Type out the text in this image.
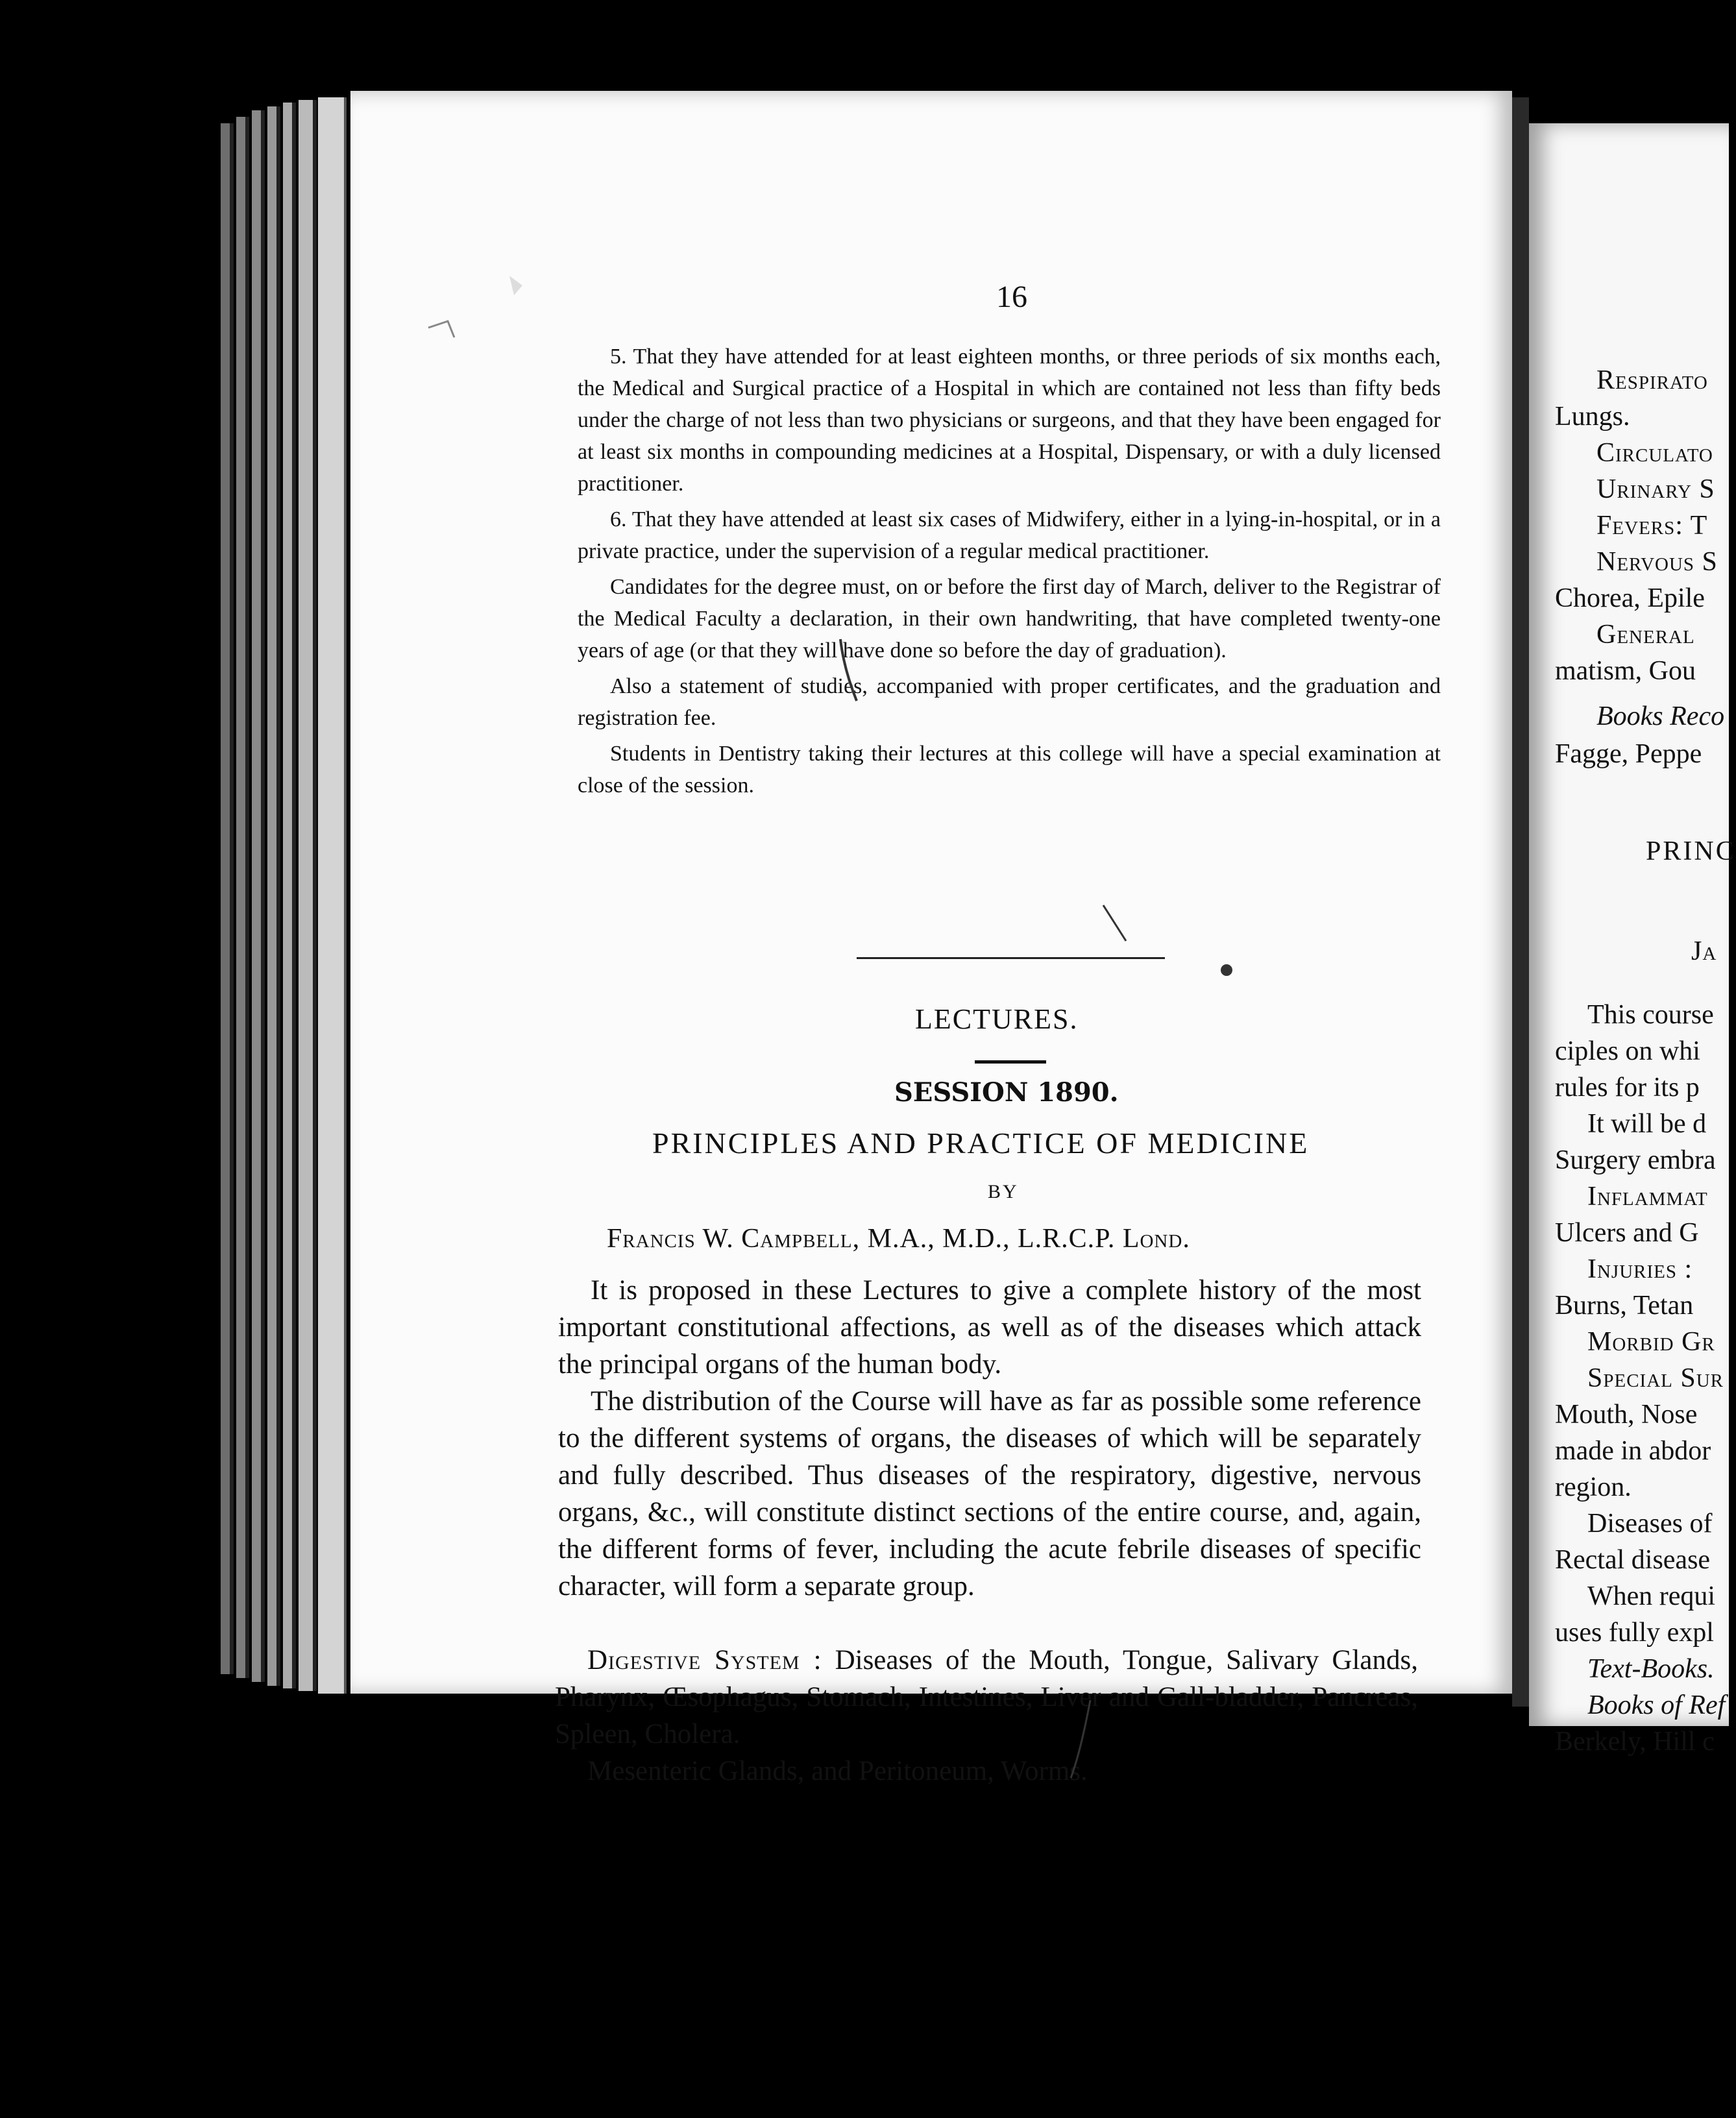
16

5. That they have attended for at least eighteen months, or three periods of six months each, the Medical and Surgical practice of a Hospital in which are contained not less than fifty beds under the charge of not less than two physicians or surgeons, and that they have been engaged for at least six months in compounding medicines at a Hospital, Dispensary, or with a duly licensed practitioner.

6. That they have attended at least six cases of Midwifery, either in a lying-in-hospital, or in a private practice, under the supervision of a regular medical practitioner.

Candidates for the degree must, on or before the first day of March, deliver to the Registrar of the Medical Faculty a declaration, in their own handwriting, that have completed twenty-one years of age (or that they will have done so before the day of graduation).

Also a statement of studies, accompanied with proper certificates, and the graduation and registration fee.

Students in Dentistry taking their lectures at this college will have a special examination at close of the session.

LECTURES.
SESSION 1890.
PRINCIPLES AND PRACTICE OF MEDICINE
BY
Francis W. Campbell, M.A., M.D., L.R.C.P. Lond.

It is proposed in these Lectures to give a complete history of the most important constitutional affections, as well as of the diseases which attack the principal organs of the human body.

The distribution of the Course will have as far as possible some reference to the different systems of organs, the diseases of which will be separately and fully described. Thus diseases of the respiratory, digestive, nervous organs, &c., will constitute distinct sections of the entire course, and, again, the different forms of fever, including the acute febrile diseases of specific character, will form a separate group.

Digestive System : Diseases of the Mouth, Tongue, Salivary Glands, Pharynx, Œsophagus, Stomach, Intestines, Liver and Gall-bladder, Pancreas, Spleen, Cholera.

Mesenteric Glands, and Peritoneum, Worms.

Respirato
Lungs.
Circulato
Urinary S
Fevers: T
Nervous S
Chorea, Epile
General
matism, Gou
Books Reco
Fagge, Peppe
PRINC
Ja
This course
ciples on whi
rules for its p
It will be d
Surgery embra
Inflammat
Ulcers and G
Injuries :
Burns, Tetan
Morbid Gr
Special Sur
Mouth, Nose
made in abdor
region.
Diseases of
Rectal disease
When requi
uses fully expl
Text-Books.
Books of Ref
Berkely, Hill c
